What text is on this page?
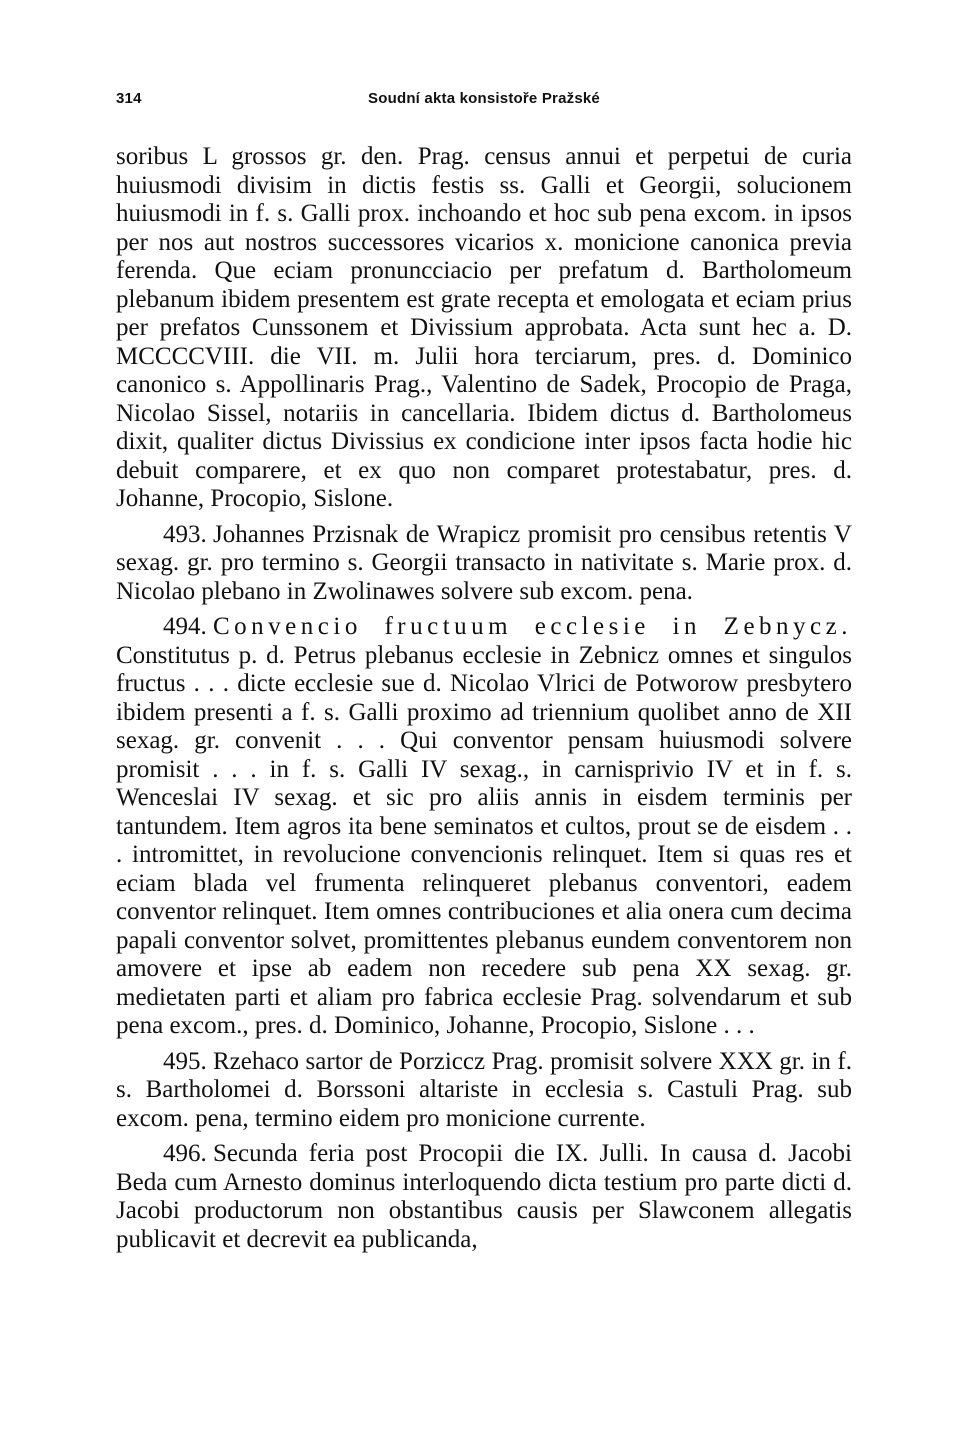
314	Soudní akta konsistoře Pražské

soribus L grossos gr. den. Prag. census annui et perpetui de curia huiusmodi divisim in dictis festis ss. Galli et Georgii, solucionem huiusmodi in f. s. Galli prox. inchoando et hoc sub pena excom. in ipsos per nos aut nostros successores vicarios x. monicione canonica previa ferenda. Que eciam pronuncciacio per prefatum d. Bartholomeum plebanum ibidem presentem est grate recepta et emologata et eciam prius per prefatos Cunssonem et Divissium approbata. Acta sunt hec a. D. MCCCCVIII. die VII. m. Julii hora terciarum, pres. d. Dominico canonico s. Appollinaris Prag., Valentino de Sadek, Procopio de Praga, Nicolao Sissel, notariis in cancellaria. Ibidem dictus d. Bartholomeus dixit, qualiter dictus Divissius ex condicione inter ipsos facta hodie hic debuit comparere, et ex quo non comparet protestabatur, pres. d. Johanne, Procopio, Sislone.

493. Johannes Przisnak de Wrapicz promisit pro censibus retentis V sexag. gr. pro termino s. Georgii transacto in nativitate s. Marie prox. d. Nicolao plebano in Zwolinawes solvere sub excom. pena.

494. Convencio fructuum ecclesie in Zebnycz. Constitutus p. d. Petrus plebanus ecclesie in Zebnicz omnes et singulos fructus . . . dicte ecclesie sue d. Nicolao Vlrici de Potworow presbytero ibidem presenti a f. s. Galli proximo ad triennium quolibet anno de XII sexag. gr. convenit . . . Qui conventor pensam huiusmodi solvere promisit . . . in f. s. Galli IV sexag., in carnisprivio IV et in f. s. Wenceslai IV sexag. et sic pro aliis annis in eisdem terminis per tantundem. Item agros ita bene seminatos et cultos, prout se de eisdem . . . intromittet, in revolucione convencionis relinquet. Item si quas res et eciam blada vel frumenta relinqueret plebanus conventori, eadem conventor relinquet. Item omnes contribuciones et alia onera cum decima papali conventor solvet, promittentes plebanus eundem conventorem non amovere et ipse ab eadem non recedere sub pena XX sexag. gr. medietaten parti et aliam pro fabrica ecclesie Prag. solvendarum et sub pena excom., pres. d. Dominico, Johanne, Procopio, Sislone . . .

495. Rzehaco sartor de Porziccz Prag. promisit solvere XXX gr. in f. s. Bartholomei d. Borssoni altariste in ecclesia s. Castuli Prag. sub excom. pena, termino eidem pro monicione currente.

496. Secunda feria post Procopii die IX. Julli. In causa d. Jacobi Beda cum Arnesto dominus interloquendo dicta testium pro parte dicti d. Jacobi productorum non obstantibus causis per Slawconem allegatis publicavit et decrevit ea publicanda,
